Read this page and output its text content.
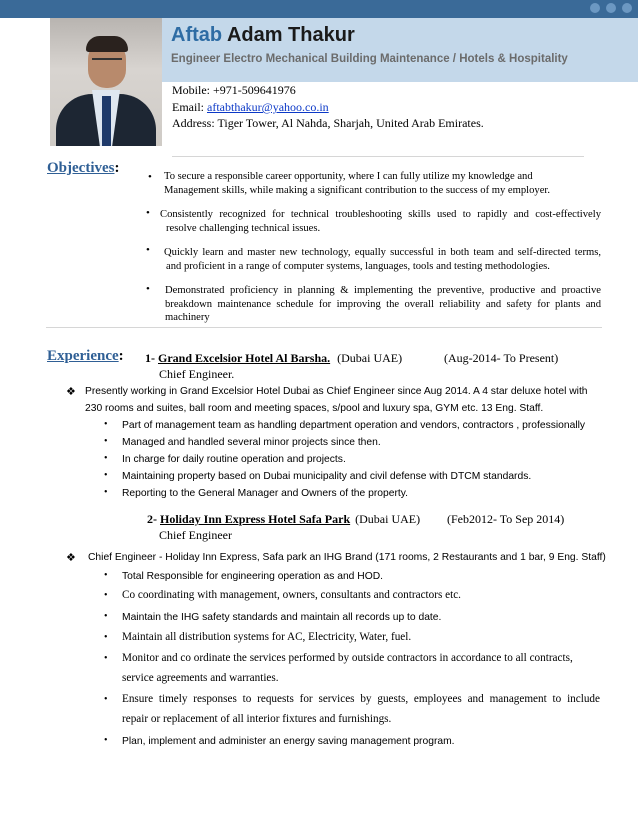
Aftab Adam Thakur
Engineer Electro Mechanical Building Maintenance / Hotels & Hospitality
Mobile: +971-509641976
Email: aftabthakur@yahoo.co.in
Address: Tiger Tower, Al Nahda, Sharjah, United Arab Emirates.
Objectives:
• To secure a responsible career opportunity, where I can fully utilize my knowledge and
Management skills, while making a significant contribution to the success of my employer.
• Consistently recognized for technical troubleshooting skills used to rapidly and cost-effectively
resolve challenging technical issues.
• Quickly learn and master new technology, equally successful in both team and self-directed terms,
and proficient in a range of computer systems, languages, tools and testing methodologies.
• Demonstrated proficiency in planning & implementing the preventive, productive and proactive
breakdown maintenance schedule for improving the overall reliability and safety for plants and
machinery
Experience: 1- Grand Excelsior Hotel Al Barsha. (Dubai UAE)	(Aug-2014- To Present)
Chief Engineer.
❖ Presently working in Grand Excelsior Hotel Dubai as Chief Engineer since Aug 2014. A 4 star deluxe hotel with
230 rooms and suites, ball room and meeting spaces, s/pool and luxury spa, GYM etc. 13 Eng. Staff.
• Part of management team as handling department operation and vendors, contractors , professionally
• Managed and handled several minor projects since then.
• In charge for daily routine operation and projects.
• Maintaining property based on Dubai municipality and civil defense with DTCM standards.
• Reporting to the General Manager and Owners of the property.
2- Holiday Inn Express Hotel Safa Park (Dubai UAE) (Feb2012- To Sep 2014)
Chief Engineer
❖ Chief Engineer - Holiday Inn Express, Safa park an IHG Brand (171 rooms, 2 Restaurants and 1 bar, 9 Eng. Staff)
• Total Responsible for engineering operation as and HOD.
• Co coordinating with management, owners, consultants and contractors etc.
• Maintain the IHG safety standards and maintain all records up to date.
• Maintain all distribution systems for AC, Electricity, Water, fuel.
• Monitor and co ordinate the services performed by outside contractors in accordance to all contracts,
service agreements and warranties.
• Ensure timely responses to requests for services by guests, employees and management to include
repair or replacement of all interior fixtures and furnishings.
• Plan, implement and administer an energy saving management program.
